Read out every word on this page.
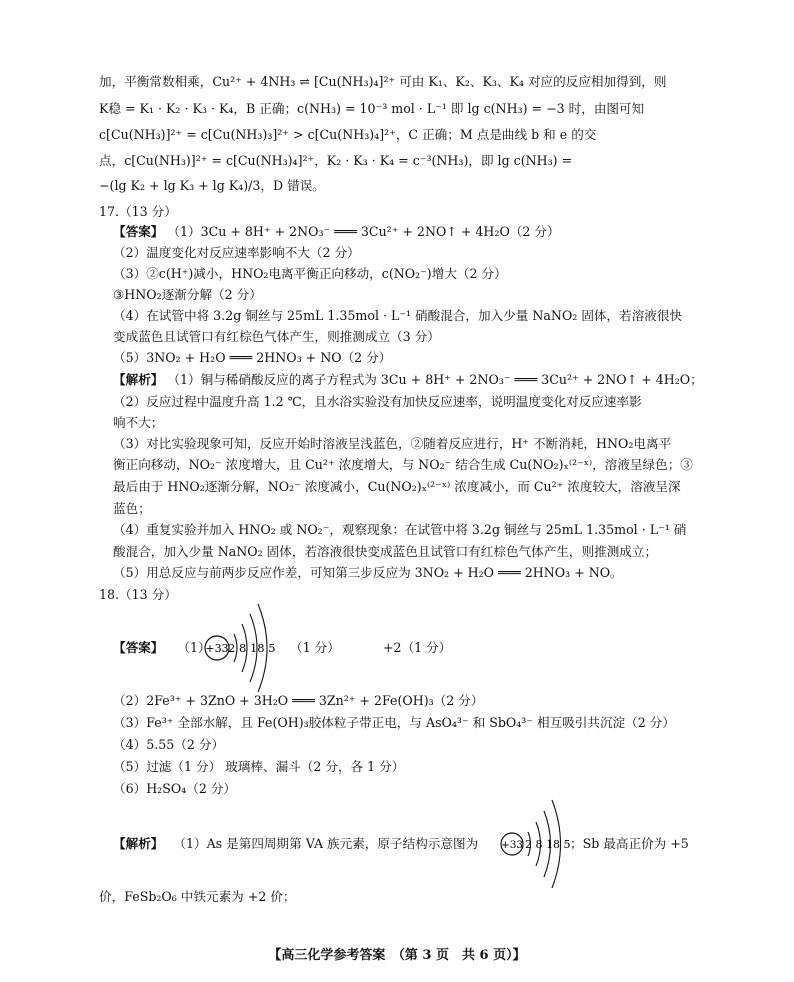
加，平衡常数相乘，Cu²⁺ + 4NH₃ ⇌ [Cu(NH₃)₄]²⁺ 可由 K₁、K₂、K₃、K₄ 对应的反应相加得到，则
K稳 = K₁ · K₂ · K₃ · K₄，B 正确；c(NH₃) = 10⁻³ mol · L⁻¹ 即 lg c(NH₃) = −3 时，由图可知
c[Cu(NH₃)]²⁺ = c[Cu(NH₃)₃]²⁺ > c[Cu(NH₃)₄]²⁺，C 正确；M 点是曲线 b 和 e 的交
点，c[Cu(NH₃)]²⁺ = c[Cu(NH₃)₄]²⁺，K₂ · K₃ · K₄ = c⁻³(NH₃)，即 lg c(NH₃) =
−(lg K₂ + lg K₃ + lg K₄)/3，D 错误。
17.（13 分）
【答案】 （1）3Cu + 8H⁺ + 2NO₃⁻ ═══ 3Cu²⁺ + 2NO↑ + 4H₂O（2 分）
（2）温度变化对反应速率影响不大（2 分）
（3）②c(H⁺)减小，HNO₂电离平衡正向移动，c(NO₂⁻)增大（2 分）
③HNO₂逐渐分解（2 分）
（4）在试管中将 3.2g 铜丝与 25mL 1.35mol · L⁻¹ 硝酸混合，加入少量 NaNO₂ 固体，若溶液很快
变成蓝色且试管口有红棕色气体产生，则推测成立（3 分）
（5）3NO₂ + H₂O ═══ 2HNO₃ + NO（2 分）
【解析】 （1）铜与稀硝酸反应的离子方程式为 3Cu + 8H⁺ + 2NO₃⁻ ═══ 3Cu²⁺ + 2NO↑ + 4H₂O；
（2）反应过程中温度升高 1.2 ℃，且水浴实验没有加快反应速率，说明温度变化对反应速率影
响不大；
（3）对比实验现象可知，反应开始时溶液呈浅蓝色，②随着反应进行，H⁺ 不断消耗，HNO₂电离平
衡正向移动，NO₂⁻ 浓度增大，且 Cu²⁺ 浓度增大，与 NO₂⁻ 结合生成 Cu(NO₂)ₓ⁽²⁻ˣ⁾，溶液呈绿色；③
最后由于 HNO₂逐渐分解，NO₂⁻ 浓度减小，Cu(NO₂)ₓ⁽²⁻ˣ⁾ 浓度减小，而 Cu²⁺ 浓度较大，溶液呈深
蓝色；
（4）重复实验并加入 HNO₂ 或 NO₂⁻，观察现象：在试管中将 3.2g 铜丝与 25mL 1.35mol · L⁻¹ 硝
酸混合，加入少量 NaNO₂ 固体，若溶液很快变成蓝色且试管口有红棕色气体产生，则推测成立；
（5）用总反应与前两步反应作差，可知第三步反应为 3NO₂ + H₂O ═══ 2HNO₃ + NO。
18.（13 分）
【答案】 （1）
+33 2 8 18 5 （1 分）	+2（1 分）
（2）2Fe³⁺ + 3ZnO + 3H₂O ═══ 3Zn²⁺ + 2Fe(OH)₃（2 分）
（3）Fe³⁺ 全部水解，且 Fe(OH)₃胶体粒子带正电，与 AsO₄³⁻ 和 SbO₄³⁻ 相互吸引共沉淀（2 分）
（4）5.55（2 分）
（5）过滤（1 分） 玻璃棒、漏斗（2 分，各 1 分）
（6）H₂SO₄（2 分）
【解析】 （1）As 是第四周期第 VA 族元素，原子结构示意图为 +33 2 8 18 5 ；Sb 最高正价为 +5
价，FeSb₂O₆ 中铁元素为 +2 价；
【高三化学参考答案　（第 3 页　共 6 页）】
